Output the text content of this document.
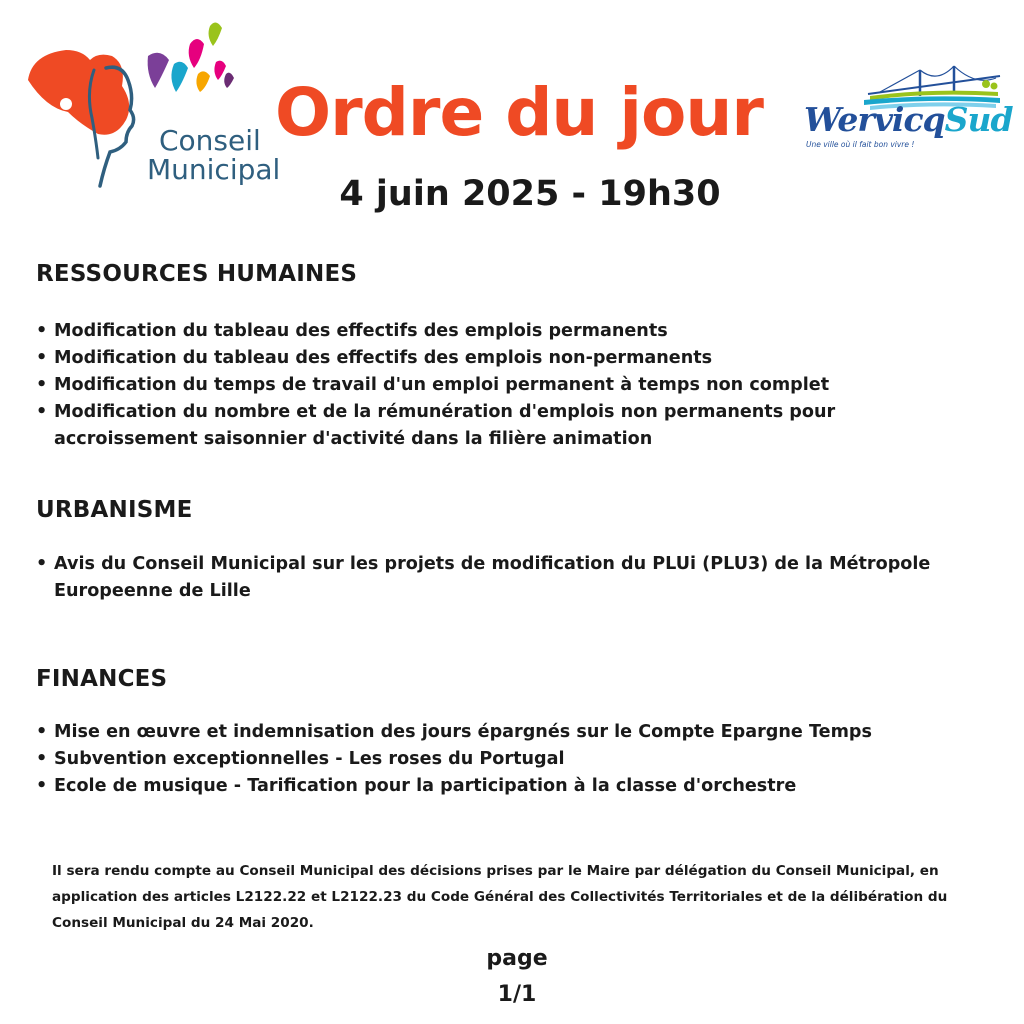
Conseil
Municipal
Ordre du jour
4 juin 2025 - 19h30
WervicqSud
Une ville où il fait bon vivre !
RESSOURCES HUMAINES
• Modification du tableau des effectifs des emplois permanents
• Modification du tableau des effectifs des emplois non-permanents
• Modification du temps de travail d'un emploi permanent à temps non complet
• Modification du nombre et de la rémunération d'emplois non permanents pour accroissement saisonnier d'activité dans la filière animation
URBANISME
• Avis du Conseil Municipal sur les projets de modification du PLUi (PLU3) de la Métropole Europeenne de Lille
FINANCES
• Mise en œuvre et indemnisation des jours épargnés sur le Compte Epargne Temps
• Subvention exceptionnelles - Les roses du Portugal
• Ecole de musique - Tarification pour la participation à la classe d'orchestre
Il sera rendu compte au Conseil Municipal des décisions prises par le Maire par délégation du Conseil Municipal, en application des articles L2122.22 et L2122.23 du Code Général des Collectivités Territoriales et de la délibération du Conseil Municipal du 24 Mai 2020.
page
1/1
